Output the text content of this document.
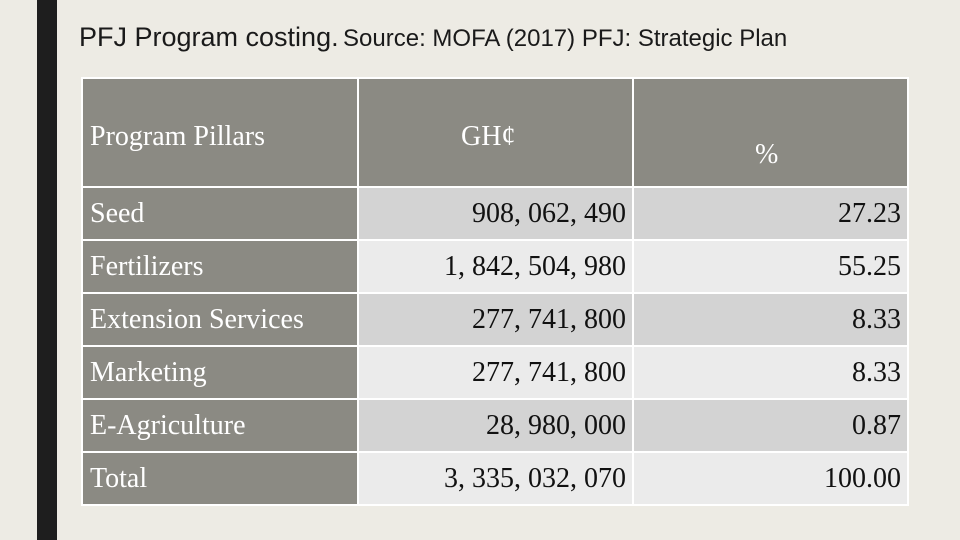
PFJ Program costing. Source: MOFA (2017) PFJ: Strategic Plan
Program Pillars	GH¢	%
Seed	908, 062, 490	27.23
Fertilizers	1, 842, 504, 980	55.25
Extension Services	277, 741, 800	8.33
Marketing	277, 741, 800	8.33
E-Agriculture	28, 980, 000	0.87
Total	3, 335, 032, 070	100.00
